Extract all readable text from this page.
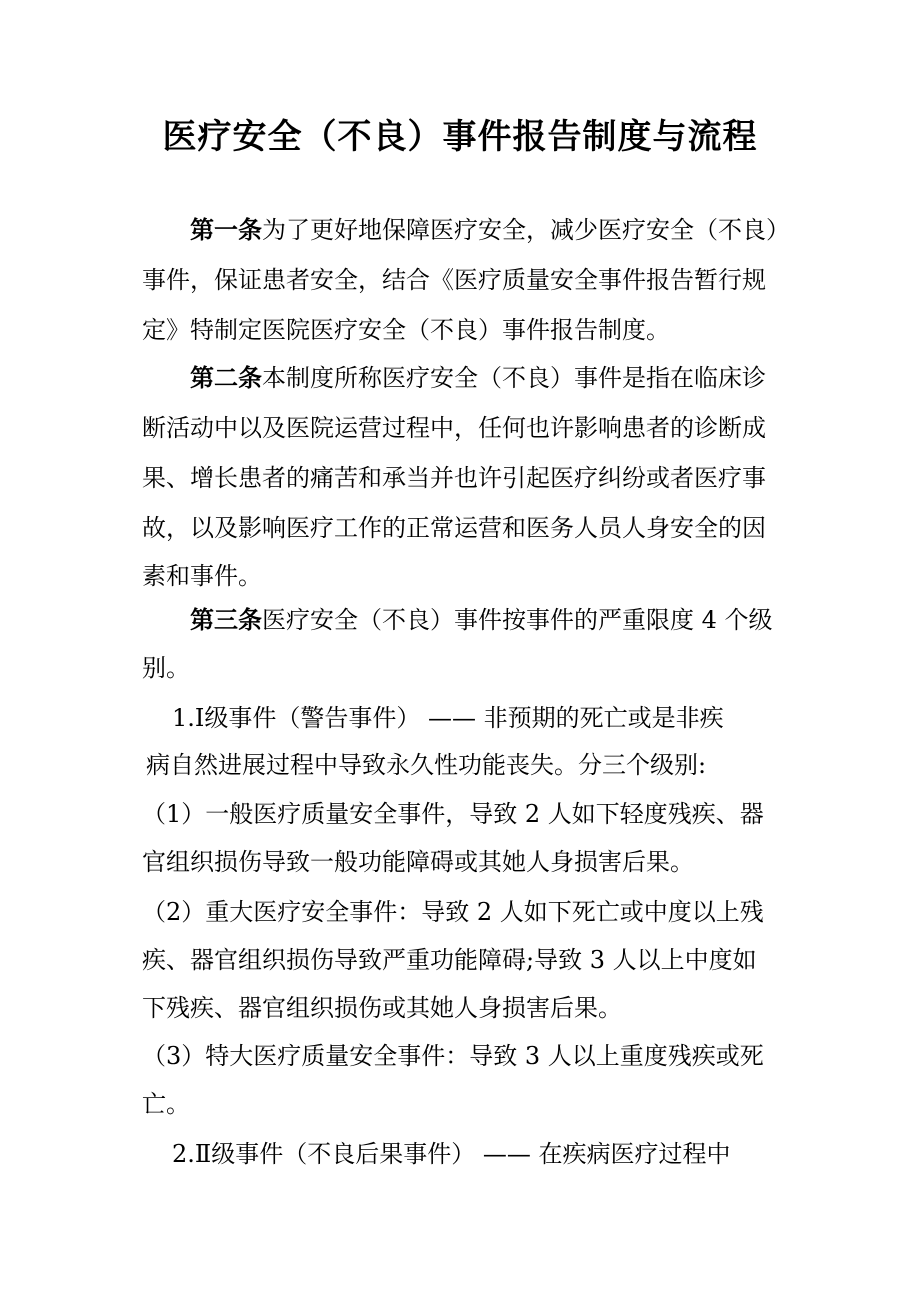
医疗安全（不良）事件报告制度与流程
第一条为了更好地保障医疗安全，减少医疗安全（不良）
事件，保证患者安全，结合《医疗质量安全事件报告暂行规
定》特制定医院医疗安全（不良）事件报告制度。
第二条本制度所称医疗安全（不良）事件是指在临床诊
断活动中以及医院运营过程中，任何也许影响患者的诊断成
果、增长患者的痛苦和承当并也许引起医疗纠纷或者医疗事
故，以及影响医疗工作的正常运营和医务人员人身安全的因
素和事件。
第三条医疗安全（不良）事件按事件的严重限度 4 个级
别。
1.Ⅰ级事件（警告事件） —— 非预期的死亡或是非疾
病自然进展过程中导致永久性功能丧失。分三个级别:
（1）一般医疗质量安全事件，导致 2 人如下轻度残疾、器
官组织损伤导致一般功能障碍或其她人身损害后果。
（2）重大医疗安全事件：导致 2 人如下死亡或中度以上残
疾、器官组织损伤导致严重功能障碍;导致 3 人以上中度如
下残疾、器官组织损伤或其她人身损害后果。
（3）特大医疗质量安全事件：导致 3 人以上重度残疾或死
亡。
2.Ⅱ级事件（不良后果事件） —— 在疾病医疗过程中
